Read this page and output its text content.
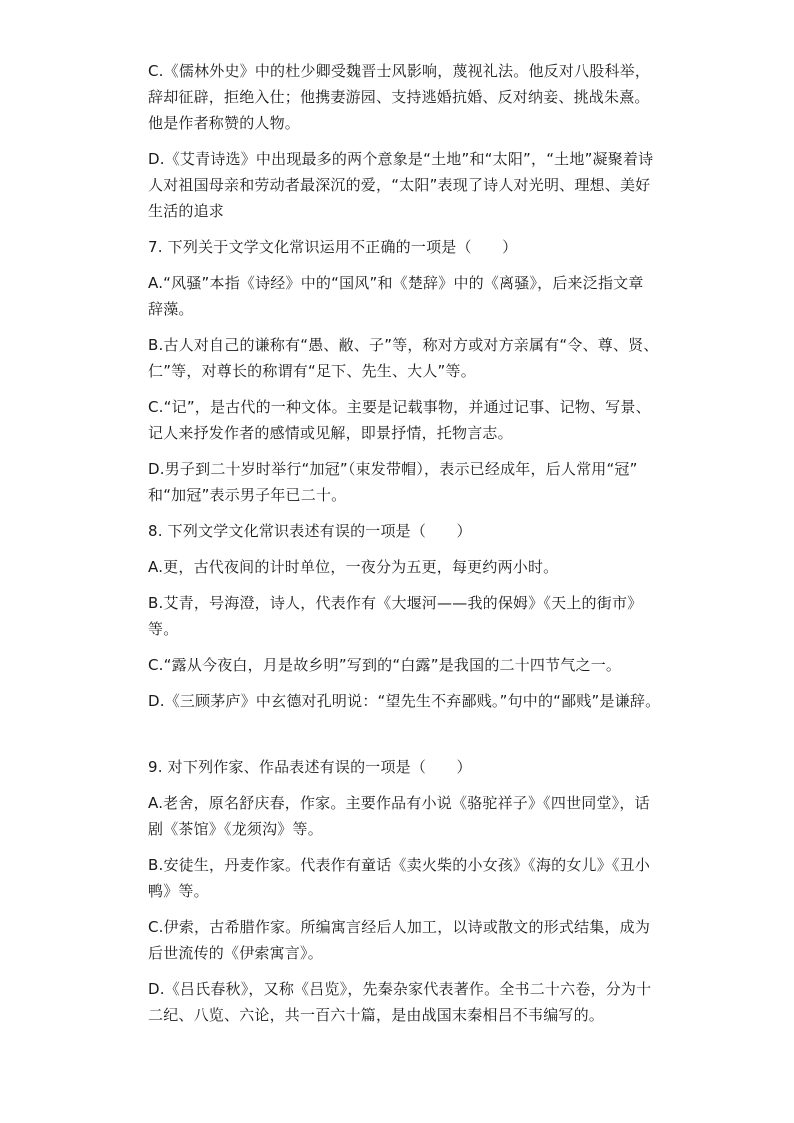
C.《儒林外史》中的杜少卿受魏晋士风影响，蔑视礼法。他反对八股科举，
辞却征辟，拒绝入仕；他携妻游园、支持逃婚抗婚、反对纳妾、挑战朱熹。
他是作者称赞的人物。
D.《艾青诗选》中出现最多的两个意象是“土地”和“太阳”，“土地”凝聚着诗
人对祖国母亲和劳动者最深沉的爱，“太阳”表现了诗人对光明、理想、美好
生活的追求
7. 下列关于文学文化常识运用不正确的一项是（　　）
A.“风骚”本指《诗经》中的“国风”和《楚辞》中的《离骚》，后来泛指文章
辞藻。
B.古人对自己的谦称有“愚、敝、子”等，称对方或对方亲属有“令、尊、贤、
仁”等，对尊长的称谓有“足下、先生、大人”等。
C.“记”，是古代的一种文体。主要是记载事物，并通过记事、记物、写景、
记人来抒发作者的感情或见解，即景抒情，托物言志。
D.男子到二十岁时举行“加冠”（束发带帽），表示已经成年，后人常用“冠”
和“加冠”表示男子年已二十。
8. 下列文学文化常识表述有误的一项是（　　）
A.更，古代夜间的计时单位，一夜分为五更，每更约两小时。
B.艾青，号海澄，诗人，代表作有《大堰河——我的保姆》《天上的街市》
等。
C.“露从今夜白，月是故乡明”写到的“白露”是我国的二十四节气之一。
D.《三顾茅庐》中玄德对孔明说：“望先生不弃鄙贱。”句中的“鄙贱”是谦辞。
9. 对下列作家、作品表述有误的一项是（　　）
A.老舍，原名舒庆春，作家。主要作品有小说《骆驼祥子》《四世同堂》，话
剧《茶馆》《龙须沟》等。
B.安徒生，丹麦作家。代表作有童话《卖火柴的小女孩》《海的女儿》《丑小
鸭》等。
C.伊索，古希腊作家。所编寓言经后人加工，以诗或散文的形式结集，成为
后世流传的《伊索寓言》。
D.《吕氏春秋》，又称《吕览》，先秦杂家代表著作。全书二十六卷，分为十
二纪、八览、六论，共一百六十篇，是由战国末秦相吕不韦编写的。
